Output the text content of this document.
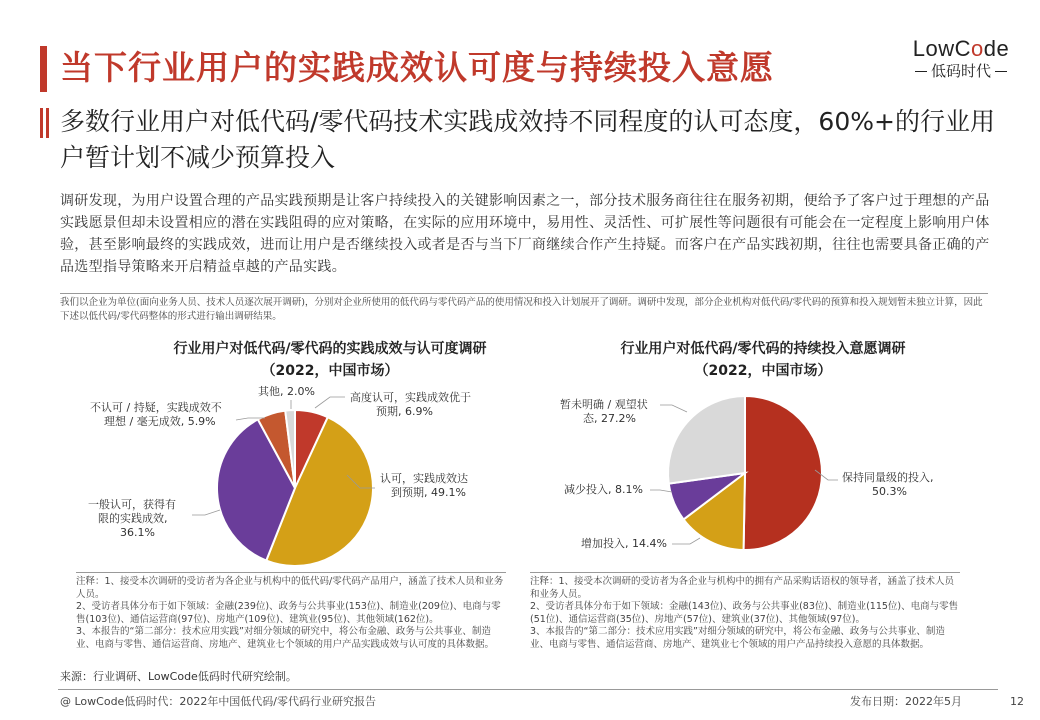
当下行业用户的实践成效认可度与持续投入意愿	LowCode
低码时代
多数行业用户对低代码/零代码技术实践成效持不同程度的认可态度，60%+的行业用户暂计划不减少预算投入
调研发现，为用户设置合理的产品实践预期是让客户持续投入的关键影响因素之一，部分技术服务商往往在服务初期，便给予了客户过于理想的产品实践愿景但却未设置相应的潜在实践阻碍的应对策略，在实际的应用环境中，易用性、灵活性、可扩展性等问题很有可能会在一定程度上影响用户体验，甚至影响最终的实践成效，进而让用户是否继续投入或者是否与当下厂商继续合作产生持疑。而客户在产品实践初期，往往也需要具备正确的产品选型指导策略来开启精益卓越的产品实践。
我们以企业为单位(面向业务人员、技术人员逐次展开调研)，分别对企业所使用的低代码与零代码产品的使用情况和投入计划展开了调研。调研中发现，部分企业机构对低代码/零代码的预算和投入规划暂未独立计算，因此下述以低代码/零代码整体的形式进行输出调研结果。
行业用户对低代码/零代码的实践成效与认可度调研
（2022，中国市场）
行业用户对低代码/零代码的持续投入意愿调研
（2022，中国市场）
高度认可，实践成效优于 预期, 6.9%
认可，实践成效达 到预期, 49.1%
一般认可，获得有 限的实践成效, 36.1%
不认可 / 持疑，实践成效不 理想 / 毫无成效, 5.9%
其他, 2.0%
保持同量级的投入, 50.3%
增加投入, 14.4%
减少投入, 8.1%
暂未明确 / 观望状 态, 27.2%
注释：1、接受本次调研的受访者为各企业与机构中的低代码/零代码产品用户，涵盖了技术人员和业务人员。
2、受访者具体分布于如下领域：金融(239位)、政务与公共事业(153位)、制造业(209位)、电商与零售(103位)、通信运营商(97位)、房地产(109位)、建筑业(95位)、其他领域(162位)。
3、本报告的“第二部分：技术应用实践”对细分领域的研究中，将公布金融、政务与公共事业、制造业、电商与零售、通信运营商、房地产、建筑业七个领域的用户产品实践成效与认可度的具体数据。
注释：1、接受本次调研的受访者为各企业与机构中的拥有产品采购话语权的领导者，涵盖了技术人员和业务人员。
2、受访者具体分布于如下领域：金融(143位)、政务与公共事业(83位)、制造业(115位)、电商与零售(51位)、通信运营商(35位)、房地产(57位)、建筑业(37位)、其他领域(97位)。
3、本报告的“第二部分：技术应用实践”对细分领域的研究中，将公布金融、政务与公共事业、制造业、电商与零售、通信运营商、房地产、建筑业七个领域的用户产品持续投入意愿的具体数据。
来源：行业调研、LowCode低码时代研究绘制。
@ LowCode低码时代：2022年中国低代码/零代码行业研究报告	发布日期：2022年5月	12
